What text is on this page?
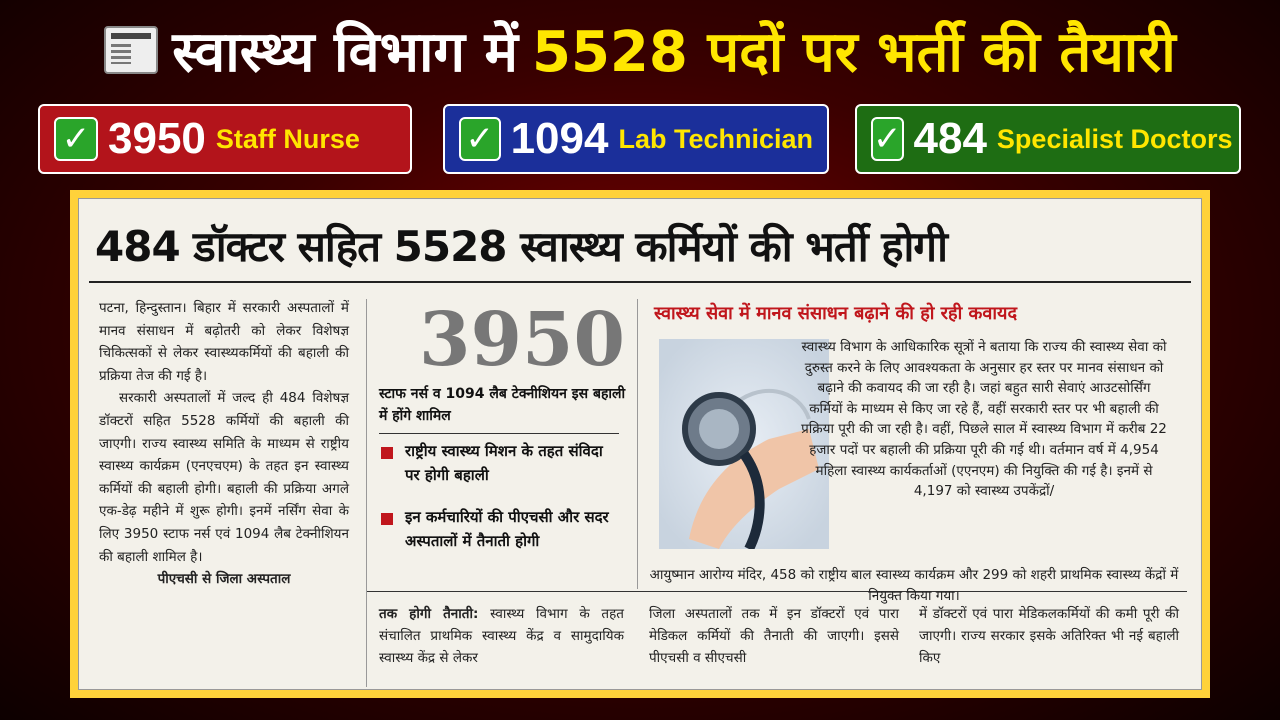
स्वास्थ्य विभाग में 5528 पदों पर भर्ती की तैयारी
✓ 3950 Staff Nurse	✓ 1094 Lab Technician ✓ 484 Specialist Doctors
484 डॉक्टर सहित 5528 स्वास्थ्य कर्मियों की भर्ती होगी

पटना, हिन्दुस्तान। बिहार में सरकारी अस्पतालों में मानव संसाधन में बढ़ोतरी को लेकर विशेषज्ञ चिकित्सकों से लेकर स्वास्थ्यकर्मियों की बहाली की प्रक्रिया तेज की गई है।

सरकारी अस्पतालों में जल्द ही 484 विशेषज्ञ डॉक्टरों सहित 5528 कर्मियों की बहाली की जाएगी। राज्य स्वास्थ्य समिति के माध्यम से राष्ट्रीय स्वास्थ्य कार्यक्रम (एनएचएम) के तहत इन स्वास्थ्य कर्मियों की बहाली होगी। बहाली की प्रक्रिया अगले एक-डेढ़ महीने में शुरू होगी। इनमें नर्सिंग सेवा के लिए 3950 स्टाफ नर्स एवं 1094 लैब टेक्नीशियन की बहाली शामिल है।

पीएचसी से जिला अस्पताल

3950
स्टाफ नर्स व 1094 लैब टेक्नीशियन इस बहाली में होंगे शामिल
राष्ट्रीय स्वास्थ्य मिशन के तहत संविदा पर होगी बहाली
इन कर्मचारियों की पीएचसी और सदर अस्पतालों में तैनाती होगी
स्वास्थ्य सेवा में मानव संसाधन बढ़ाने की हो रही कवायद
स्वास्थ्य विभाग के आधिकारिक सूत्रों ने बताया कि राज्य की स्वास्थ्य सेवा को दुरुस्त करने के लिए आवश्यकता के अनुसार हर स्तर पर मानव संसाधन को बढ़ाने की कवायद की जा रही है। जहां बहुत सारी सेवाएं आउटसोर्सिंग कर्मियों के माध्यम से किए जा रहे हैं, वहीं सरकारी स्तर पर भी बहाली की प्रक्रिया पूरी की जा रही है। वहीं, पिछले साल में स्वास्थ्य विभाग में करीब 22 हजार पदों पर बहाली की प्रक्रिया पूरी की गई थी। वर्तमान वर्ष में 4,954 महिला स्वास्थ्य कार्यकर्ताओं (एएनएम) की नियुक्ति की गई है। इनमें से 4,197 को स्वास्थ्य उपकेंद्रों/
आयुष्मान आरोग्य मंदिर, 458 को राष्ट्रीय बाल स्वास्थ्य कार्यक्रम और 299 को शहरी प्राथमिक स्वास्थ्य केंद्रों में नियुक्त किया गया।
तक होगी तैनाती: स्वास्थ्य विभाग के तहत संचालित प्राथमिक स्वास्थ्य केंद्र व सामुदायिक स्वास्थ्य केंद्र से लेकर
जिला अस्पतालों तक में इन डॉक्टरों एवं पारा मेडिकल कर्मियों की तैनाती की जाएगी। इससे पीएचसी व सीएचसी
में डॉक्टरों एवं पारा मेडिकलकर्मियों की कमी पूरी की जाएगी। राज्य सरकार इसके अतिरिक्त भी नई बहाली किए
